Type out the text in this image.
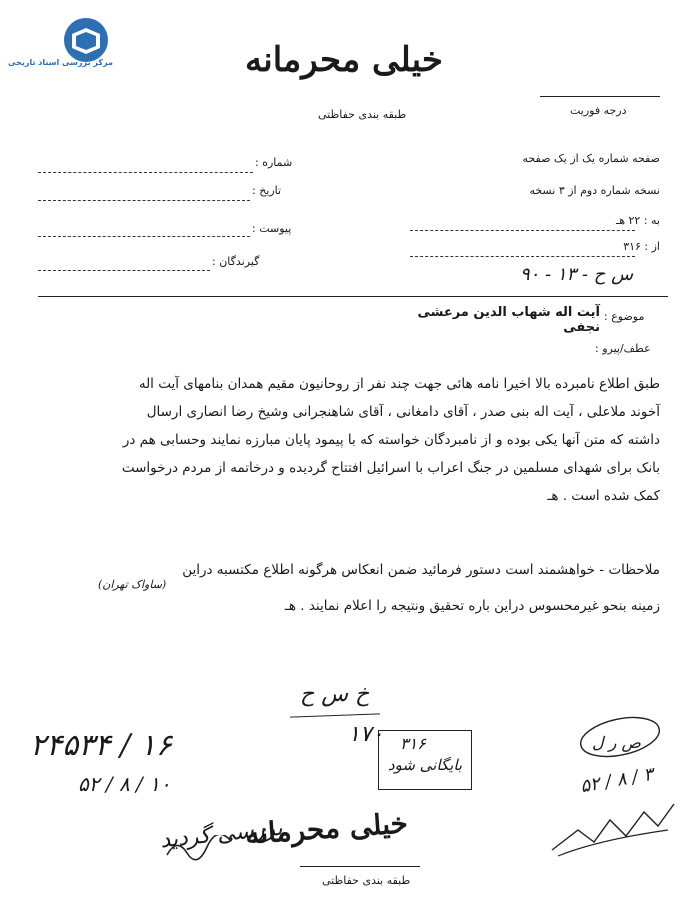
مرکز بررسی اسناد تاریخی	خیلی محرمانه
طبقه بندی حفاظتی	درجه فوریت
شماره :
تاریخ :
پیوست :
گیرندگان :
صفحه شماره یک از یک صفحه
نسخه شماره دوم از ۳ نسخه
به : ۲۲ هـ
از : ۳۱۶
س ح - ۱۳ - ۹۰
موضوع :
آیت اله شهاب الدین مرعشی نجفی
عطف/پیرو :
طبق اطلاع نامبرده بالا اخیرا نامه هائی جهت چند نفر از روحانیون مقیم همدان بنامهای آیت اله
آخوند ملاعلی ، آیت اله بنی صدر ، آقای دامغانی ، آقای شاهنجرانی وشیخ رضا انصاری ارسال
داشته که متن آنها یکی بوده و از نامبردگان خواسته که با پیمود پایان مبارزه نمایند وحسابی هم در
بانک برای شهدای مسلمین در جنگ اعراب با اسرائیل افتتاح گردیده و درخاتمه از مردم درخواست
کمک شده است . هـ
ملاحظات - خواهشمند است دستور فرمائید ضمن انعکاس هرگونه اطلاع مکتسبه دراین
زمینه بنحو غیرمحسوس دراین باره تحقیق ونتیجه را اعلام نمایند . هـ
(ساواک تهران)
خ س ح
۱۷۰ ۳۱۶
بایگانی شود
۲۴۵۳۴ / ۱۶
۵۲ / ۸ / ۱۰
بررسی گردید
ص ر ل
۵۲ / ۸ / ۳
خیلی محرمانه
طبقه بندی حفاظتی
